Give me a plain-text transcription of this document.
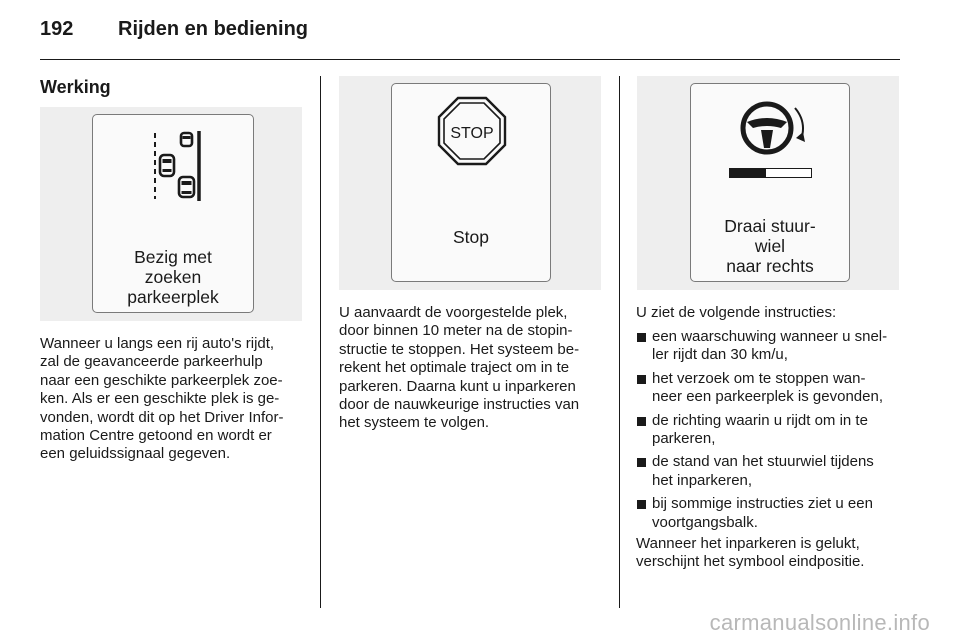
192 Rijden en bediening
Werking
Bezig met
zoeken
parkeerplek

Wanneer u langs een rij auto's rijdt,
zal de geavanceerde parkeerhulp
naar een geschikte parkeerplek zoe-
ken. Als er een geschikte plek is ge-
vonden, wordt dit op het Driver Infor-
mation Centre getoond en wordt er
een geluidssignaal gegeven.

STOP
Stop

U aanvaardt de voorgestelde plek,
door binnen 10 meter na de stopin-
structie te stoppen. Het systeem be-
rekent het optimale traject om in te
parkeren. Daarna kunt u inparkeren
door de nauwkeurige instructies van
het systeem te volgen.

Draai stuur-
wiel
naar rechts

U ziet de volgende instructies:

een waarschuwing wanneer u snel-
ler rijdt dan 30 km/u,
het verzoek om te stoppen wan-
neer een parkeerplek is gevonden,
de richting waarin u rijdt om in te
parkeren,
de stand van het stuurwiel tijdens
het inparkeren,
bij sommige instructies ziet u een
voortgangsbalk.

Wanneer het inparkeren is gelukt,
verschijnt het symbool eindpositie.

carmanualsonline.info
